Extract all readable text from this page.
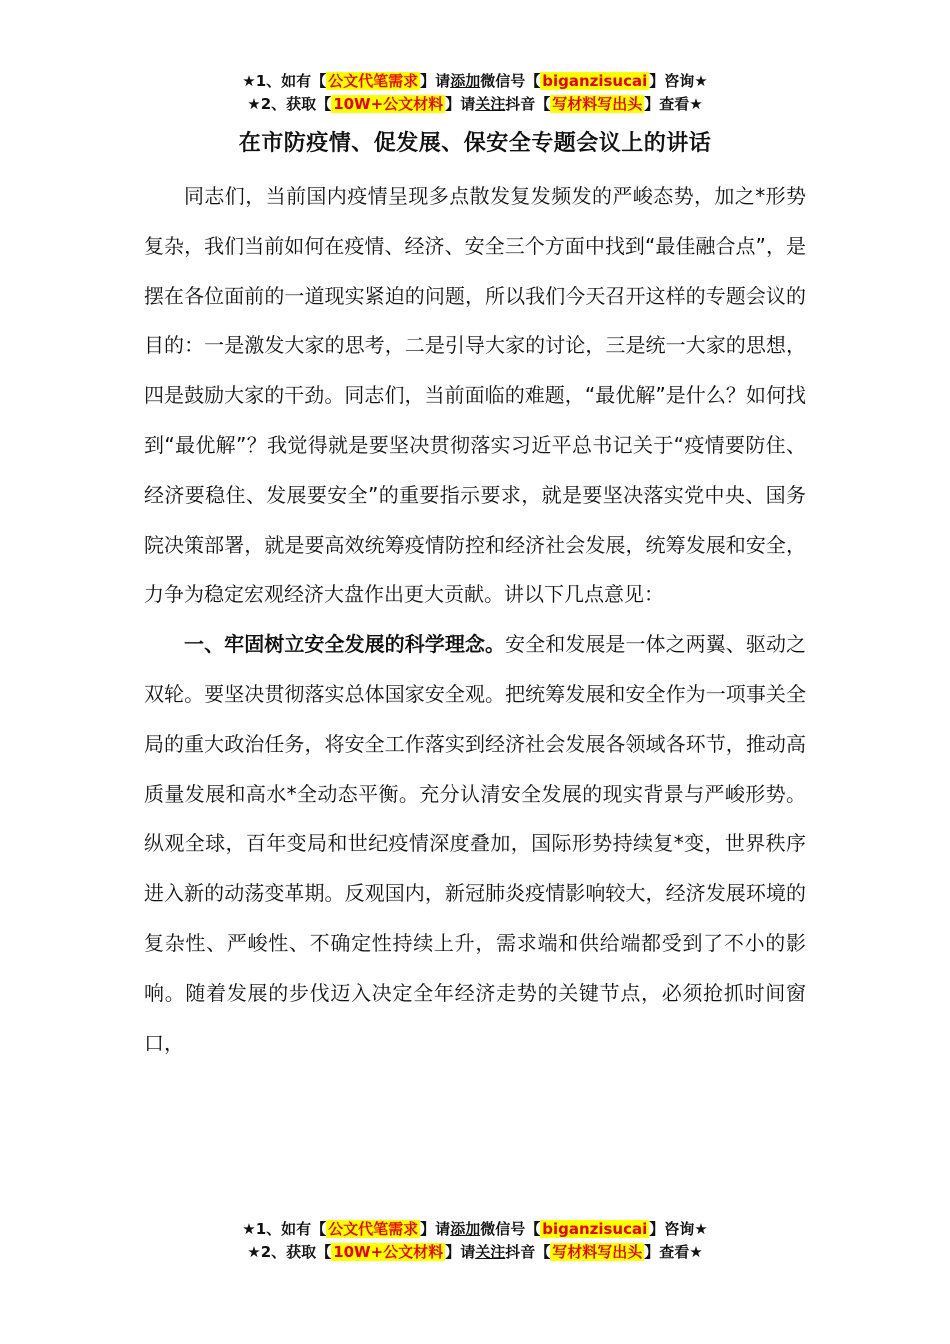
★1、如有【 公文代笔需求 】请添加微信号【 biganzisucai 】咨询★
★2、获取【 10W+公文材料 】请关注抖音【 写材料写出头 】查看★
在市防疫情、促发展、保安全专题会议上的讲话

同志们，当前国内疫情呈现多点散发复发频发的严峻态势，加之*形势复杂，我们当前如何在疫情、经济、安全三个方面中找到“最佳融合点”，是摆在各位面前的一道现实紧迫的问题，所以我们今天召开这样的专题会议的目的：一是激发大家的思考，二是引导大家的讨论，三是统一大家的思想，四是鼓励大家的干劲。同志们，当前面临的难题，“最优解”是什么？如何找到“最优解”？我觉得就是要坚决贯彻落实习近平总书记关于“疫情要防住、经济要稳住、发展要安全”的重要指示要求，就是要坚决落实党中央、国务院决策部署，就是要高效统筹疫情防控和经济社会发展，统筹发展和安全，力争为稳定宏观经济大盘作出更大贡献。讲以下几点意见：

一、牢固树立安全发展的科学理念。安全和发展是一体之两翼、驱动之双轮。要坚决贯彻落实总体国家安全观。把统筹发展和安全作为一项事关全局的重大政治任务，将安全工作落实到经济社会发展各领域各环节，推动高质量发展和高水*全动态平衡。充分认清安全发展的现实背景与严峻形势。纵观全球，百年变局和世纪疫情深度叠加，国际形势持续复*变，世界秩序进入新的动荡变革期。反观国内，新冠肺炎疫情影响较大，经济发展环境的复杂性、严峻性、不确定性持续上升，需求端和供给端都受到了不小的影响。随着发展的步伐迈入决定全年经济走势的关键节点，必须抢抓时间窗口，

★1、如有【 公文代笔需求 】请添加微信号【 biganzisucai 】咨询★
★2、获取【 10W+公文材料 】请关注抖音【 写材料写出头 】查看★
